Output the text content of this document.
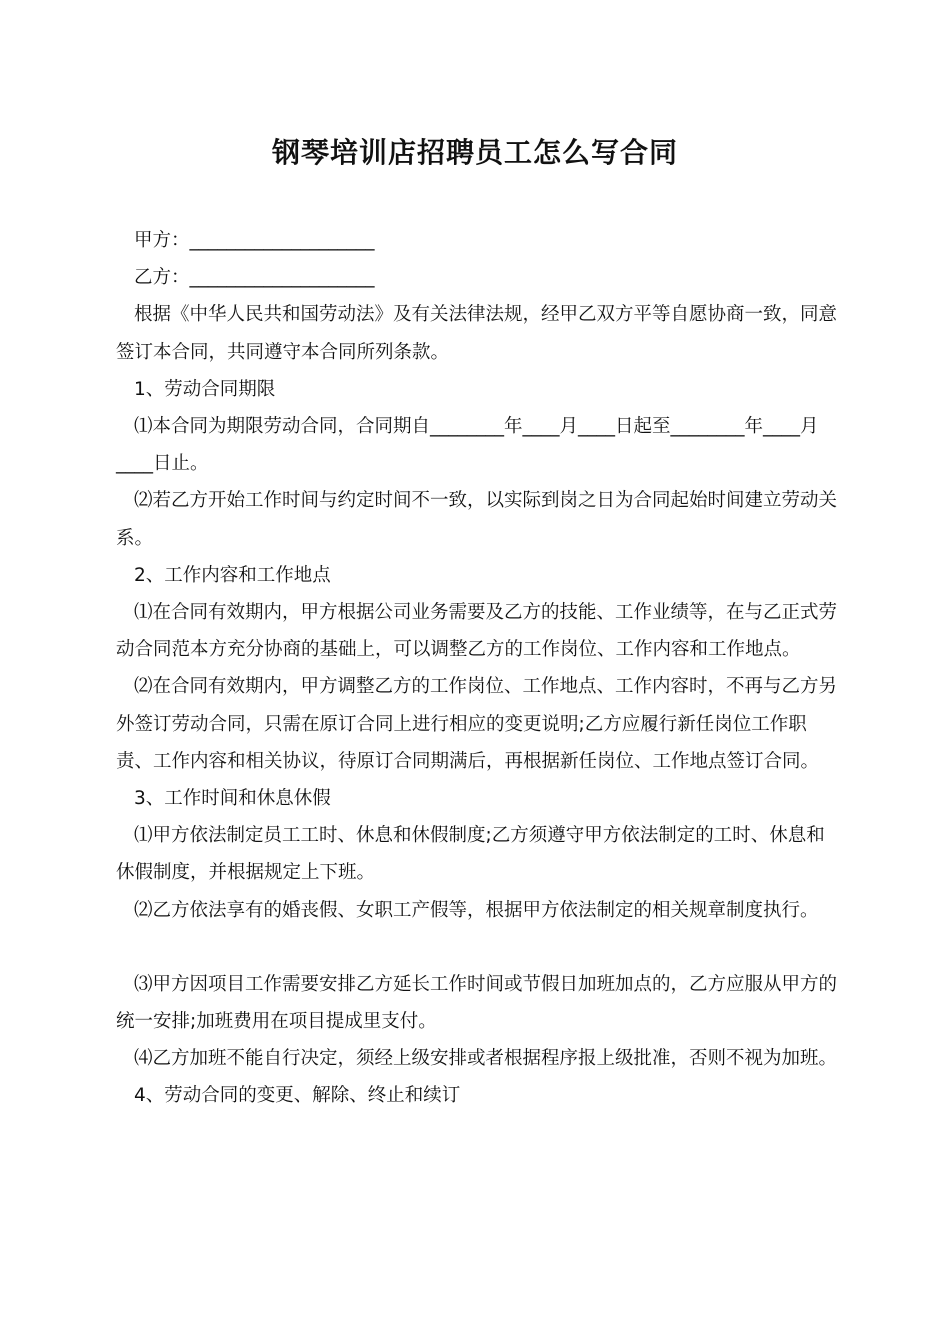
钢琴培训店招聘员工怎么写合同

甲方：____________________

乙方：____________________

根据《中华人民共和国劳动法》及有关法律法规，经甲乙双方平等自愿协商一致，同意签订本合同，共同遵守本合同所列条款。

1、劳动合同期限

⑴本合同为期限劳动合同，合同期自________年____月____日起至________年____月____日止。

⑵若乙方开始工作时间与约定时间不一致，以实际到岗之日为合同起始时间建立劳动关系。

2、工作内容和工作地点

⑴在合同有效期内，甲方根据公司业务需要及乙方的技能、工作业绩等，在与乙正式劳动合同范本方充分协商的基础上，可以调整乙方的工作岗位、工作内容和工作地点。

⑵在合同有效期内，甲方调整乙方的工作岗位、工作地点、工作内容时，不再与乙方另外签订劳动合同，只需在原订合同上进行相应的变更说明;乙方应履行新任岗位工作职责、工作内容和相关协议，待原订合同期满后，再根据新任岗位、工作地点签订合同。

3、工作时间和休息休假

⑴甲方依法制定员工工时、休息和休假制度;乙方须遵守甲方依法制定的工时、休息和休假制度，并根据规定上下班。

⑵乙方依法享有的婚丧假、女职工产假等，根据甲方依法制定的相关规章制度执行。

⑶甲方因项目工作需要安排乙方延长工作时间或节假日加班加点的，乙方应服从甲方的统一安排;加班费用在项目提成里支付。

⑷乙方加班不能自行决定，须经上级安排或者根据程序报上级批准，否则不视为加班。

4、劳动合同的变更、解除、终止和续订
